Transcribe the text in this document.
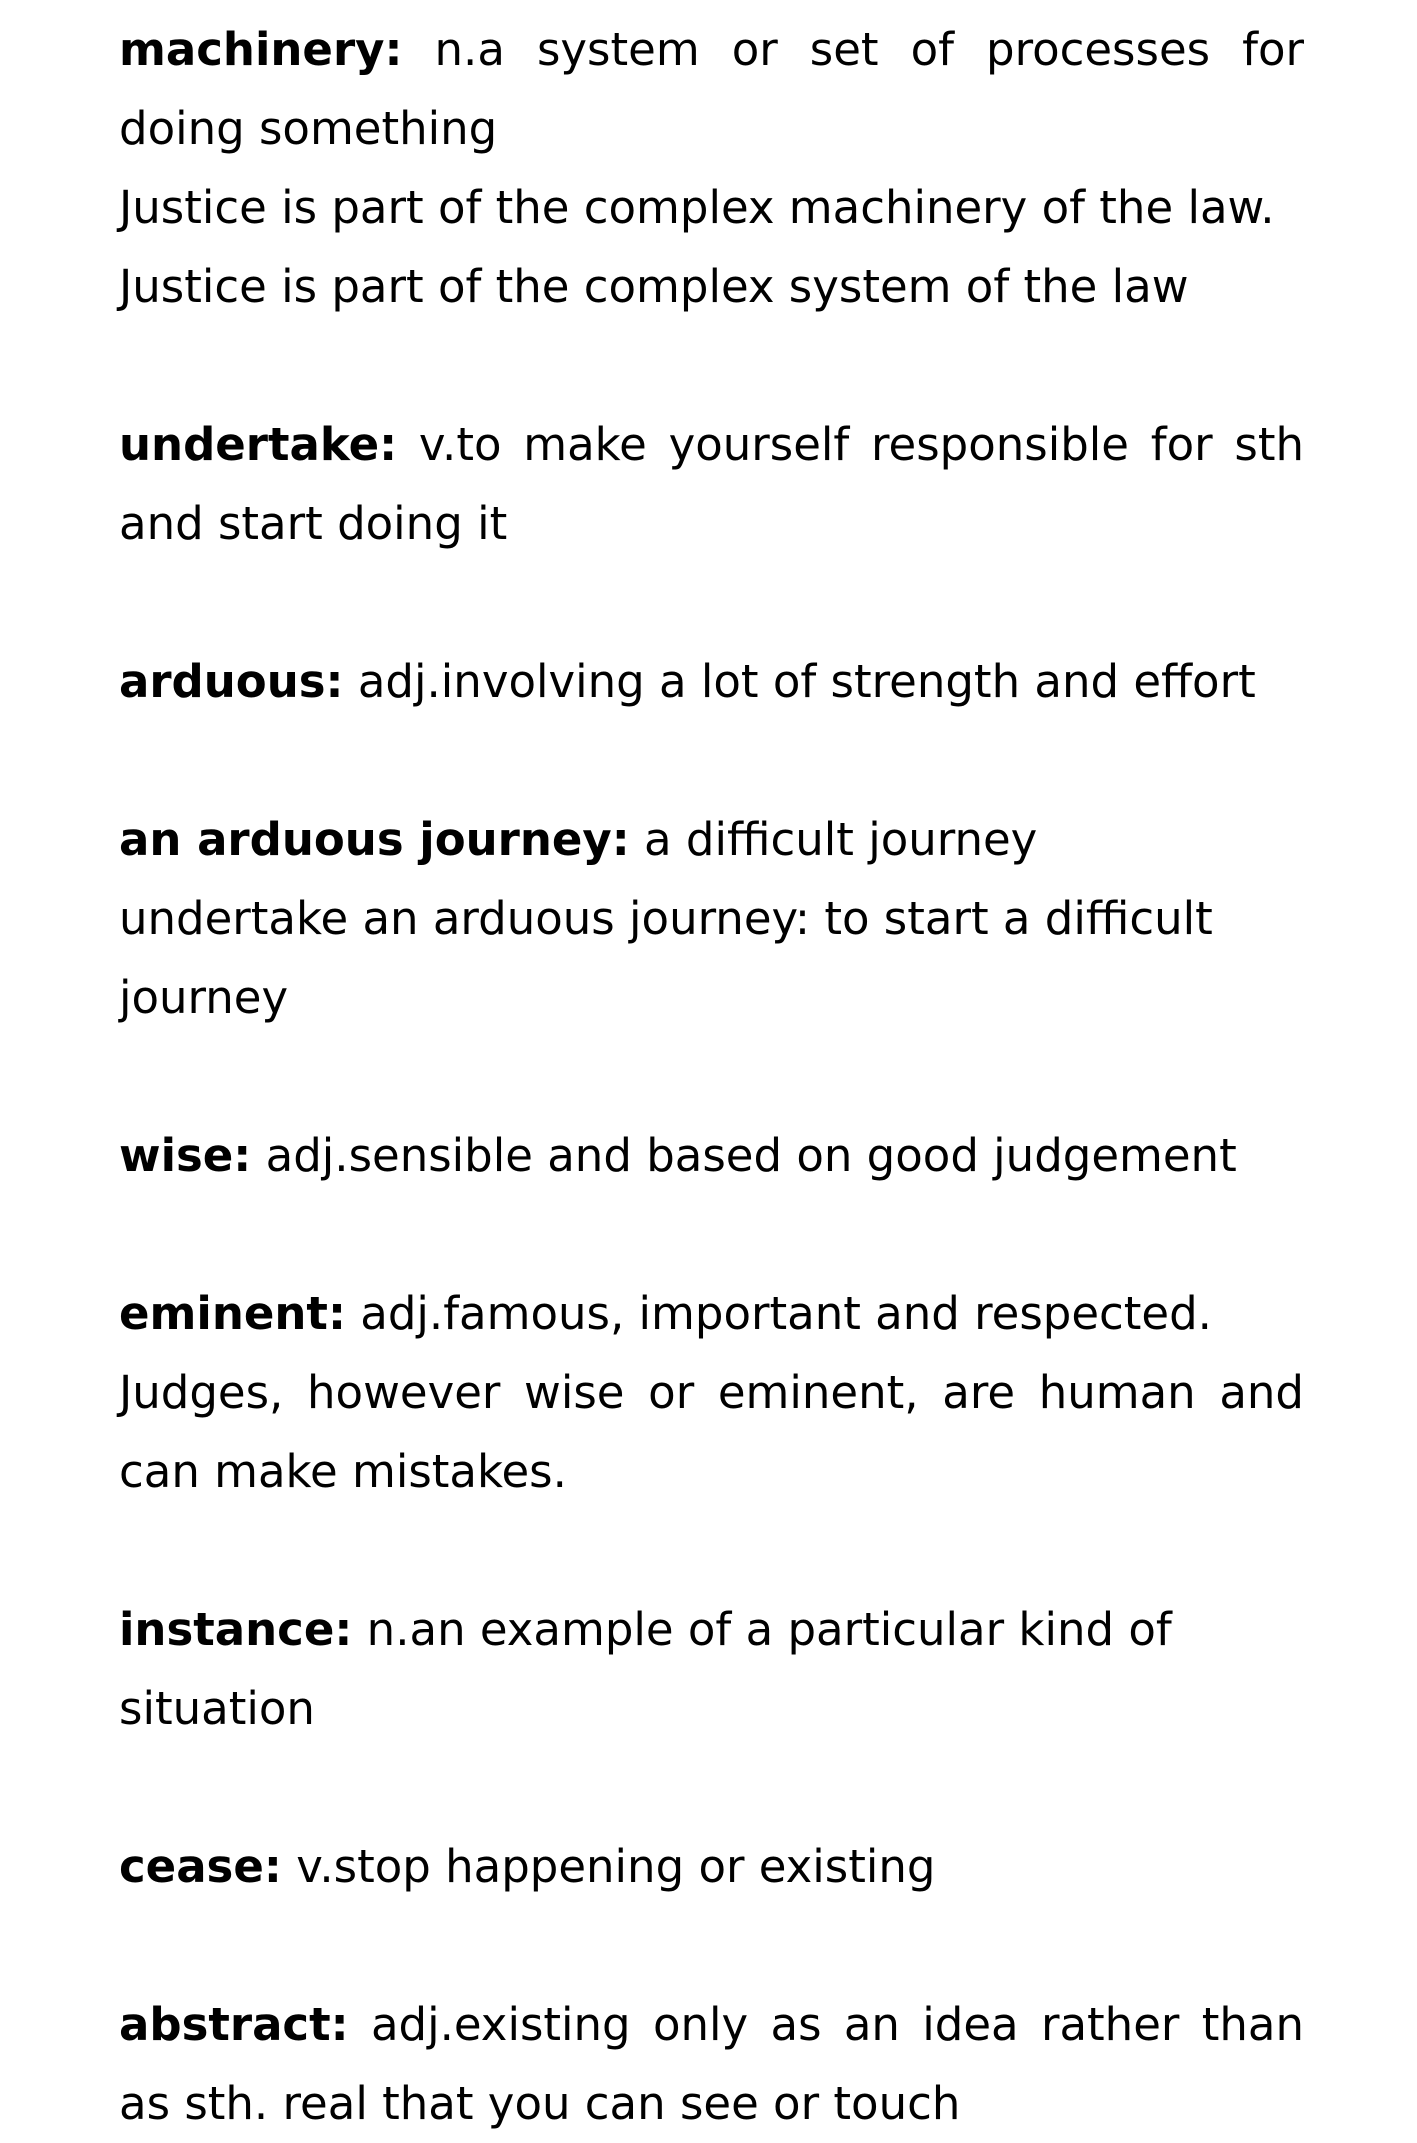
machinery: n.a system or set of processes for doing something

Justice is part of the complex machinery of the law.

Justice is part of the complex system of the law

undertake: v.to make yourself responsible for sth and start doing it

arduous: adj.involving a lot of strength and effort

an arduous journey: a difficult journey

undertake an arduous journey: to start a difficult journey

wise: adj.sensible and based on good judgement

eminent: adj.famous, important and respected.

Judges, however wise or eminent, are human and can make mistakes.

instance: n.an example of a particular kind of situation

cease: v.stop happening or existing

abstract: adj.existing only as an idea rather than as sth. real that you can see or touch
